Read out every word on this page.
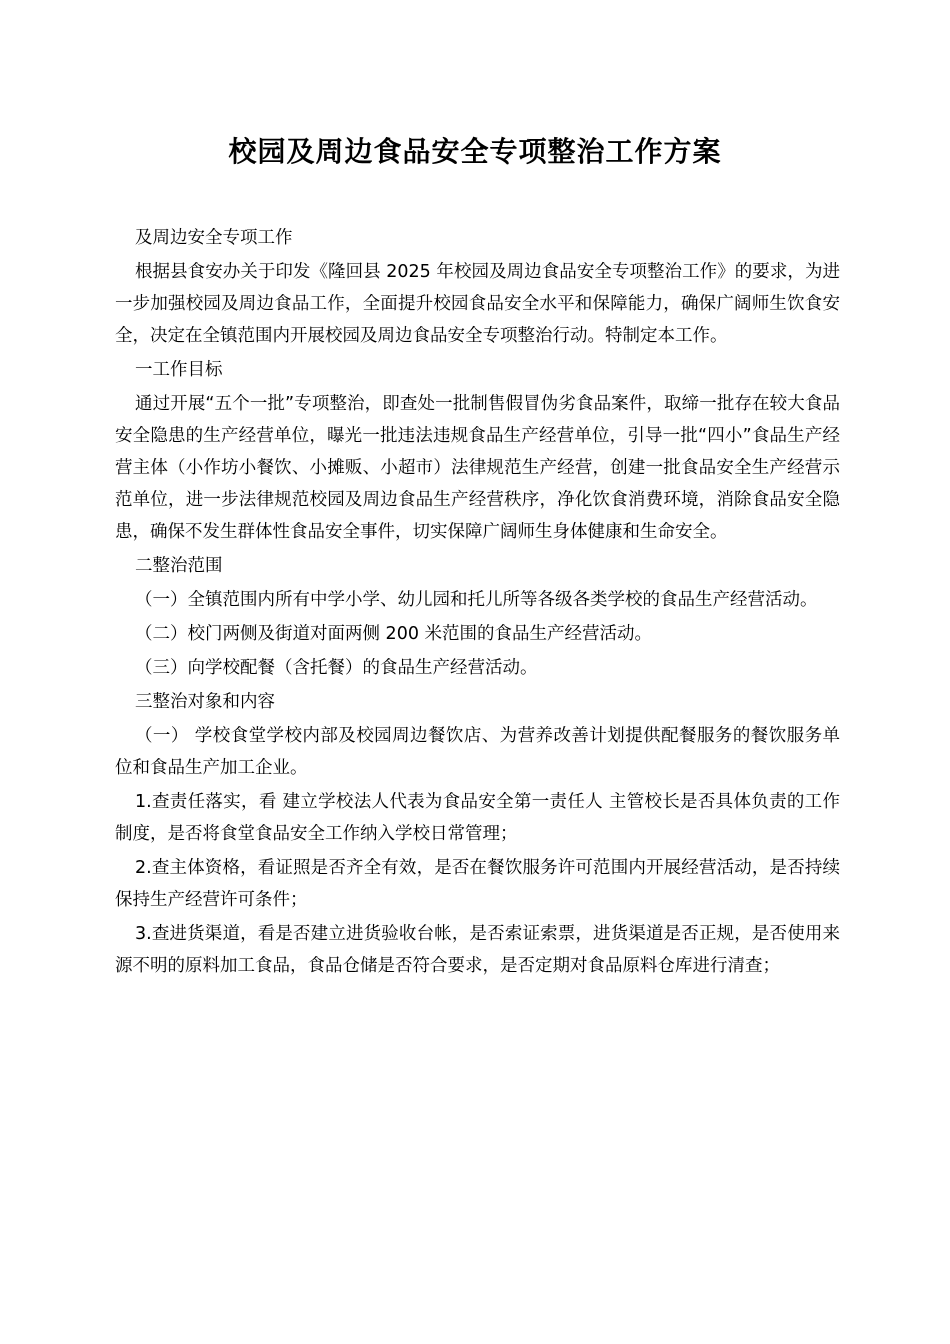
校园及周边食品安全专项整治工作方案

及周边安全专项工作

根据县食安办关于印发《隆回县 2025 年校园及周边食品安全专项整治工作》的要求，为进一步加强校园及周边食品工作，全面提升校园食品安全水平和保障能力，确保广阔师生饮食安全，决定在全镇范围内开展校园及周边食品安全专项整治行动。特制定本工作。

一工作目标

通过开展“五个一批”专项整治，即查处一批制售假冒伪劣食品案件，取缔一批存在较大食品安全隐患的生产经营单位，曝光一批违法违规食品生产经营单位，引导一批“四小”食品生产经营主体（小作坊小餐饮、小摊贩、小超市）法律规范生产经营，创建一批食品安全生产经营示范单位，进一步法律规范校园及周边食品生产经营秩序，净化饮食消费环境，消除食品安全隐患，确保不发生群体性食品安全事件，切实保障广阔师生身体健康和生命安全。

二整治范围

（一）全镇范围内所有中学小学、幼儿园和托儿所等各级各类学校的食品生产经营活动。

（二）校门两侧及街道对面两侧 200 米范围的食品生产经营活动。

（三）向学校配餐（含托餐）的食品生产经营活动。

三整治对象和内容

（一） 学校食堂学校内部及校园周边餐饮店、为营养改善计划提供配餐服务的餐饮服务单位和食品生产加工企业。

1.查责任落实，看 建立学校法人代表为食品安全第一责任人 主管校长是否具体负责的工作制度，是否将食堂食品安全工作纳入学校日常管理；

2.查主体资格，看证照是否齐全有效，是否在餐饮服务许可范围内开展经营活动，是否持续保持生产经营许可条件；

3.查进货渠道，看是否建立进货验收台帐，是否索证索票，进货渠道是否正规，是否使用来源不明的原料加工食品，食品仓储是否符合要求，是否定期对食品原料仓库进行清查；
